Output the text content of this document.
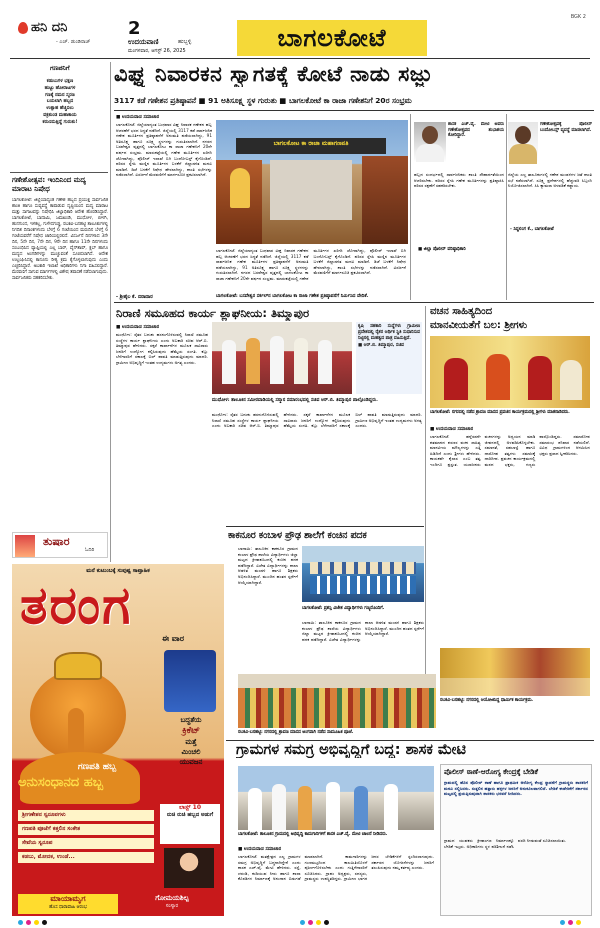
BGK 2
ಹನಿ ದನಿ
- ಎಚ್. ಡುಂಡಿರಾಜ್
2
ಉದಯವಾಣಿ	ಹುಬ್ಬಳ್ಳಿ
ಮಂಗಳವಾರ, ಆಗಸ್ಟ್ 26, 2025	ಬಾಗಲಕೋಟೆ
ಗಣಪನಿಗೆ
ಕಡುಬುಗಳ ಭಕ್ಷಣ
ಹುಟ್ಟು ಹೋರಾಟಗಳ
ಗಣಕ್ಕೆ ನಮನ ಸ್ಮರಣ
ಬಯಲಾಗಿ ಹಬ್ಬದ
ಉತ್ಸಾಹ ಹೆಚ್ಚಿಸಲು
ವಕ್ರತುಂಡ ಮಹಾಕಾಯ
ಕರುಣಿಸುತ್ತಿದ್ದೆ ಗುರುತು!
ಗಣೇಶೋತ್ಸವ: ಇಂದಿನಿಂದ ಮದ್ಯ ಮಾರಾಟ ನಿಷೇಧ
ಬಾಗಲಕೋಟೆ: ಜಿಲ್ಲೆಯಾದ್ಯಂತ ಗಣೇಶ ಹಬ್ಬದ ಪ್ರಯುಕ್ತ ಸಾರ್ವಜನಿಕ ಶಾಂತಿ ಹಾಗೂ ಸುವ್ಯವಸ್ಥೆ ಕಾಪಾಡುವ ದೃಷ್ಟಿಯಿಂದ ಮದ್ಯ ಮಾರಾಟ ಮತ್ತು ಸಾಗಾಟವನ್ನು ನಿಷೇಧಿಸಿ ಜಿಲ್ಲಾಧಿಕಾರಿ ಆದೇಶ ಹೊರಡಿಸಿದ್ದಾರೆ. ಬಾಗಲಕೋಟೆ, ಬಾದಾಮಿ, ಜಮಖಂಡಿ, ಮುಧೋಳ, ಬೀಳಗಿ, ಹುನಗುಂದ, ಇಳಕಲ್ಲ, ಗುಳೇದಗುಡ್ಡ, ರಬಕವಿ-ಬನಹಟ್ಟಿ ತಾಲೂಕುಗಳಲ್ಲಿ ನಿಗದಿತ ದಿನಾಂಕಗಳಂದು ಬೆಳಗ್ಗೆ 6 ಗಂಟೆಯಿಂದ ಮರುದಿನ ಬೆಳಗ್ಗೆ 6 ಗಂಟೆಯವರೆಗೆ ನಿಷೇಧ ಜಾರಿಯಲ್ಲಿರಲಿದೆ. ವಿಸರ್ಜನೆ ದಿನಗಳಾದ 3ನೇ ದಿನ, 5ನೇ ದಿನ, 7ನೇ ದಿನ, 9ನೇ ದಿನ ಹಾಗೂ 11ನೇ ದಿನಗಳಂದು ಸಂಬಂಧಿಸಿದ ವ್ಯಾಪ್ತಿಯಲ್ಲಿ ಎಲ್ಲ ಬಾರ್, ವೈನ್‌ಶಾಪ್, ಕ್ಲಬ್ ಹಾಗೂ ಮದ್ಯದ ಅಂಗಡಿಗಳನ್ನು ಮುಚ್ಚುವಂತೆ ಸೂಚಿಸಲಾಗಿದೆ. ಆದೇಶ ಉಲ್ಲಂಘಿಸಿದಲ್ಲಿ ಕಾನೂನು ರೀತ್ಯ ಕ್ರಮ ಕೈಗೊಳ್ಳಲಾಗುವುದು ಎಂದು ಎಚ್ಚರಿಸಿದ್ದಾರೆ. ಅಬಕಾರಿ ಇಲಾಖೆ ಅಧಿಕಾರಿಗಳು ನಿಗಾ ವಹಿಸಲಿದ್ದಾರೆ. ಮೆರವಣಿಗೆ ಸಾಗುವ ಮಾರ್ಗಗಳಲ್ಲಿ ವಿಶೇಷ ತಪಾಸಣೆ ನಡೆಸಲಾಗುವುದು. ಸಾರ್ವಜನಿಕರು ಸಹಕರಿಸಬೇಕು.
ತುಷಾರ
ಓದಿರಿ
ಮನೆ ಕುಟುಂಬಕ್ಕೆ ಸುಪುಷ್ಟ ಸಾಪ್ತಾಹಿಕ
ತರಂಗ
ಈ ವಾರ
ಬದ್ಧತೆಯ
ಕ್ರಿಕೆಟ್
ಮತ್ತೆ
ಮಿಂಚಲಿ
ಯುವಜನ
ಗಣಪತಿ ಹಬ್ಬ
ಅನುಸಂಧಾನದ ಹಬ್ಬ
ಶ್ರೀಗಣೇಶನ ಸ್ವರೂಪಗಳು
ಗಣಪತಿ ಪೂಜೆಗೆ ಕತ್ತಲಿನ ಸಂಕೇತ
ಸೇವೆಯ ಸ್ವರೂಪ
ಕಡಬು, ಮೋದಕ, ಉಂಡೆ...
ಲಾಸ್ಟ್ 10
ರುಚಿ ರುಚಿ ಹಬ್ಬದ ಅಡುಗೆ
ಮಾಯಾಮೃಗ
ಹೊಸ ಧಾರಾವಾಹಿ ಆರಂಭ
ಗೋಮಯಶಿಲ್ಪ
ಸಂಸ್ಕಾರ
ವಿಘ್ನ ನಿವಾರಕನ ಸ್ವಾಗತಕ್ಕೆ ಕೋಟೆ ನಾಡು ಸಜ್ಜು
3117 ಕಡೆ ಗಣೇಶನ ಪ್ರತಿಷ್ಠಾಪನೆ ■ 91 ಅತಿಸೂಕ್ಷ್ಮ ಸ್ಥಳ ಗುರುತು ■ ಬಾಗಲಕೋಟೆ ಕಾ ರಾಜಾ ಗಣೇಶನಿಗೆ 20ರ ಸಂಭ್ರಮ
■ ಉದಯವಾಣಿ ಸಮಾಚಾರ
ಬಾಗಲಕೋಟೆ: ಜಿಲ್ಲೆಯಾದ್ಯಂತ ಬುಧವಾರ ವಿಘ್ನ ನಿವಾರಕ ಗಣೇಶನ ಹಬ್ಬ ಆಚರಣೆಗೆ ಭರದ ಸಿದ್ಧತೆ ನಡೆದಿದೆ. ಜಿಲ್ಲೆಯಲ್ಲಿ 3117 ಕಡೆ ಸಾರ್ವಜನಿಕ ಗಣೇಶ ಮೂರ್ತಿಗಳ ಪ್ರತಿಷ್ಠಾಪನೆಗೆ ಅನುಮತಿ ಪಡೆಯಲಾಗಿದ್ದು, 91 ಅತಿಸೂಕ್ಷ್ಮ ಹಾಗೂ ಸೂಕ್ಷ್ಮ ಸ್ಥಳಗಳನ್ನು ಗುರುತಿಸಲಾಗಿದೆ. ನಗರದ ಬಸವೇಶ್ವರ ವೃತ್ತದಲ್ಲಿ ಬಾಗಲಕೋಟ ಕಾ ರಾಜಾ ಗಣೇಶನಿಗೆ 20ನೇ ವರ್ಷದ ಸಂಭ್ರಮ. ಮಾರುಕಟ್ಟೆಯಲ್ಲಿ ಗಣೇಶ ಮೂರ್ತಿಗಳ ಖರೀದಿ ಜೋರಾಗಿದ್ದು, ಪೊಲೀಸ್ ಇಲಾಖೆ ಬಿಗಿ ಬಂದೋಬಸ್ತ್ ಕೈಗೊಂಡಿದೆ. ಪರಿಸರ ಸ್ನೇಹಿ ಮಣ್ಣಿನ ಮೂರ್ತಿಗಳ ಬಳಕೆಗೆ ಜಿಲ್ಲಾಡಳಿತ ಮನವಿ ಮಾಡಿದೆ. ಡಿಜೆ ಬಳಕೆಗೆ ನಿಷೇಧ ಹೇರಲಾಗಿದ್ದು, ಶಾಂತಿ ಸಭೆಗಳನ್ನು ನಡೆಸಲಾಗಿದೆ. ವಿಸರ್ಜನೆ ಮೆರವಣಿಗೆಗೆ ಮಾರ್ಗಸೂಚಿ ಪ್ರಕಟಿಸಲಾಗಿದೆ.
ಬಾಗಲಕೋಟೆ: ಜಿಲ್ಲೆಯಾದ್ಯಂತ ಬುಧವಾರ ವಿಘ್ನ ನಿವಾರಕ ಗಣೇಶನ ಹಬ್ಬ ಆಚರಣೆಗೆ ಭರದ ಸಿದ್ಧತೆ ನಡೆದಿದೆ. ಜಿಲ್ಲೆಯಲ್ಲಿ 3117 ಕಡೆ ಸಾರ್ವಜನಿಕ ಗಣೇಶ ಮೂರ್ತಿಗಳ ಪ್ರತಿಷ್ಠಾಪನೆಗೆ ಅನುಮತಿ ಪಡೆಯಲಾಗಿದ್ದು, 91 ಅತಿಸೂಕ್ಷ್ಮ ಹಾಗೂ ಸೂಕ್ಷ್ಮ ಸ್ಥಳಗಳನ್ನು ಗುರುತಿಸಲಾಗಿದೆ. ನಗರದ ಬಸವೇಶ್ವರ ವೃತ್ತದಲ್ಲಿ ಬಾಗಲಕೋಟ ಕಾ ರಾಜಾ ಗಣೇಶನಿಗೆ 20ನೇ ವರ್ಷದ ಸಂಭ್ರಮ. ಮಾರುಕಟ್ಟೆಯಲ್ಲಿ ಗಣೇಶ ಮೂರ್ತಿಗಳ ಖರೀದಿ ಜೋರಾಗಿದ್ದು, ಪೊಲೀಸ್ ಇಲಾಖೆ ಬಿಗಿ ಬಂದೋಬಸ್ತ್ ಕೈಗೊಂಡಿದೆ. ಪರಿಸರ ಸ್ನೇಹಿ ಮಣ್ಣಿನ ಮೂರ್ತಿಗಳ ಬಳಕೆಗೆ ಜಿಲ್ಲಾಡಳಿತ ಮನವಿ ಮಾಡಿದೆ. ಡಿಜೆ ಬಳಕೆಗೆ ನಿಷೇಧ ಹೇರಲಾಗಿದ್ದು, ಶಾಂತಿ ಸಭೆಗಳನ್ನು ನಡೆಸಲಾಗಿದೆ. ವಿಸರ್ಜನೆ ಮೆರವಣಿಗೆಗೆ ಮಾರ್ಗಸೂಚಿ ಪ್ರಕಟಿಸಲಾಗಿದೆ.
ಬಾಗಲಕೋಟ ಕಾ ರಾಜಾ ಮಹಾಗಣಪತಿ
ಬಾಗಲಕೋಟೆ: ಬಸವೇಶ್ವರ ಸರ್ಕಲ್‌ನ ಬಾಗಲಕೋಟ ಕಾ ರಾಜಾ ಗಣೇಶ ಪ್ರತಿಷ್ಠಾಪನೆಗೆ ನಿರ್ಮಿಸಿದ ವೇದಿಕೆ.
- ಶ್ರೀಶೈಲ ಕೆ. ಬಿರಾದಾರ
ಶಾಸಕ ಎಚ್.ವೈ. ಮೇಟಿ ಅವರು ಗಣೇಶೋತ್ಸವದ ಶುಭಾಶಯ ಕೋರಿದ್ದಾರೆ.
ಹಬ್ಬದ ಸಂದರ್ಭದಲ್ಲಿ ಸಾರ್ವಜನಿಕರು ಶಾಂತಿ ಸೌಹಾರ್ದತೆಯಿಂದ ಆಚರಿಸಬೇಕು. ಪರಿಸರ ಸ್ನೇಹಿ ಗಣೇಶ ಮೂರ್ತಿಗಳನ್ನು ಪ್ರತಿಷ್ಠಾಪಿಸಿ ಪರಿಸರ ರಕ್ಷಣೆಗೆ ಸಹಕರಿಸಬೇಕು.
■ ಜಿಲ್ಲಾ ಪೊಲೀಸ್ ವರಿಷ್ಠಾಧಿಕಾರಿ
ಗಣೇಶೋತ್ಸವಕ್ಕೆ ಪೊಲೀಸ್ ಬಂದೋಬಸ್ತ್ ವ್ಯವಸ್ಥೆ ಮಾಡಲಾಗಿದೆ.
ಜಿಲ್ಲೆಯ ಎಲ್ಲ ತಾಲೂಕುಗಳಲ್ಲಿ ಗಣೇಶ ಮಂಡಳಿಗಳ ಜತೆ ಶಾಂತಿ ಸಭೆ ನಡೆಸಲಾಗಿದೆ. ಸೂಕ್ಷ್ಮ ಪ್ರದೇಶಗಳಲ್ಲಿ ಹೆಚ್ಚುವರಿ ಸಿಬ್ಬಂದಿ ನಿಯೋಜಿಸಲಾಗಿದೆ. ಸಿಸಿ ಕ್ಯಾಮರಾ ಅಳವಡಿಕೆ ಕಡ್ಡಾಯ.
- ಸಿದ್ದಲಿಂಗ ಕೆ., ಬಾಗಲಕೋಟೆ
ನಿರಾಣಿ ಸಮೂಹದ ಕಾರ್ಯ ಶ್ಲಾಘನೀಯ: ತಿಮ್ಮಾಪುರ
■ ಉದಯವಾಣಿ ಸಮಾಚಾರ
ಮುಧೋಳ: ರೈತರ ಬದುಕು ಹಸನುಗೊಳಿಸುವಲ್ಲಿ ನಿರಾಣಿ ಸಮೂಹ ಸಂಸ್ಥೆಗಳ ಕಾರ್ಯ ಶ್ಲಾಘನೀಯ ಎಂದು ಅಬಕಾರಿ ಸಚಿವ ಆರ್.ಬಿ. ತಿಮ್ಮಾಪುರ ಹೇಳಿದರು. ಸಕ್ಕರೆ ಕಾರ್ಖಾನೆಗಳ ಮೂಲಕ ಸಾವಿರಾರು ಜನರಿಗೆ ಉದ್ಯೋಗ ಕಲ್ಪಿಸಿರುವುದು ಹೆಮ್ಮೆಯ ಸಂಗತಿ. ಕಬ್ಬು ಬೆಳೆಗಾರರಿಗೆ ಸಕಾಲಕ್ಕೆ ಬಿಲ್ ಪಾವತಿ ಮಾಡುತ್ತಿರುವುದು ಮಾದರಿ. ಗ್ರಾಮೀಣ ಅಭಿವೃದ್ಧಿಗೆ ಇಂತಹ ಉದ್ಯಮಗಳು ಅಗತ್ಯ ಎಂದರು.
ಕೃಷಿ ಸಹಕಾರಿ ಸಂಸ್ಥೆಗಳು ಗ್ರಾಮೀಣ ಪ್ರದೇಶದಲ್ಲಿ ರೈತರ ಆರ್ಥಿಕ ಸ್ಥಿತಿ ಸುಧಾರಿಸುವ ನಿಟ್ಟಿನಲ್ಲಿ ಮಹತ್ವದ ಪಾತ್ರ ವಹಿಸುತ್ತಿವೆ.
■ ಆರ್.ಬಿ. ತಿಮ್ಮಾಪುರ, ಸಚಿವ
ಮುಧೋಳ: ತಾಲೂಕಿನ ಸಮೀರವಾಡಿಯಲ್ಲಿ ಸನ್ಮಾನ ಸಮಾರಂಭದಲ್ಲಿ ಸಚಿವ ಆರ್.ಬಿ. ತಿಮ್ಮಾಪುರ ಪಾಲ್ಗೊಂಡಿದ್ದರು.
ಮುಧೋಳ: ರೈತರ ಬದುಕು ಹಸನುಗೊಳಿಸುವಲ್ಲಿ ನಿರಾಣಿ ಸಮೂಹ ಸಂಸ್ಥೆಗಳ ಕಾರ್ಯ ಶ್ಲಾಘನೀಯ ಎಂದು ಅಬಕಾರಿ ಸಚಿವ ಆರ್.ಬಿ. ತಿಮ್ಮಾಪುರ ಹೇಳಿದರು. ಸಕ್ಕರೆ ಕಾರ್ಖಾನೆಗಳ ಮೂಲಕ ಸಾವಿರಾರು ಜನರಿಗೆ ಉದ್ಯೋಗ ಕಲ್ಪಿಸಿರುವುದು ಹೆಮ್ಮೆಯ ಸಂಗತಿ. ಕಬ್ಬು ಬೆಳೆಗಾರರಿಗೆ ಸಕಾಲಕ್ಕೆ ಬಿಲ್ ಪಾವತಿ ಮಾಡುತ್ತಿರುವುದು ಮಾದರಿ. ಗ್ರಾಮೀಣ ಅಭಿವೃದ್ಧಿಗೆ ಇಂತಹ ಉದ್ಯಮಗಳು ಅಗತ್ಯ ಎಂದರು.
ವಚನ ಸಾಹಿತ್ಯದಿಂದ
ಮಾನವೀಯತೆಗೆ ಬಲ: ಶ್ರೀಗಳು
ಬಾಗಲಕೋಟೆ: ನಗರದಲ್ಲಿ ನಡೆದ ಶ್ರಾವಣ ಮಾಸದ ಪ್ರವಚನ ಕಾರ್ಯಕ್ರಮದಲ್ಲಿ ಶ್ರೀಗಳು ಮಾತನಾಡಿದರು.
■ ಉದಯವಾಣಿ ಸಮಾಚಾರ
ಬಾಗಲಕೋಟೆ: ಹನ್ನೆರಡನೇ ಶತಮಾನದ ಶರಣರ ವಚನ ಸಾಹಿತ್ಯ ಮಾನವೀಯ ಮೌಲ್ಯಗಳನ್ನು ಎತ್ತಿ ಹಿಡಿದಿದೆ ಎಂದು ಶ್ರೀಗಳು ಹೇಳಿದರು. ಕಾಯಕವೇ ಕೈಲಾಸ ಎಂಬ ತತ್ವ ಇಂದಿಗೂ ಪ್ರಸ್ತುತ. ಯುವಜನರು ವಚನಗಳನ್ನು ಅಧ್ಯಯನ ಮಾಡಿ ಜೀವನದಲ್ಲಿ ಅಳವಡಿಸಿಕೊಳ್ಳಬೇಕು. ಸಮಾನತೆ, ಸಹಬಾಳ್ವೆ ಹಾಗೂ ದಾಸೋಹ ತತ್ವಗಳು ಸಮಾಜಕ್ಕೆ ದಾರಿದೀಪ. ಪ್ರವಚನ ಕಾರ್ಯಕ್ರಮದಲ್ಲಿ ಮಠದ ಭಕ್ತರು, ಗಣ್ಯರು ಪಾಲ್ಗೊಂಡಿದ್ದರು. ಸಮಾರೋಪ ಸಮಾರಂಭ ಶನಿವಾರ ನಡೆಯಲಿದೆ. ವಿವಿಧ ಗ್ರಾಮಗಳಿಂದ ಆಗಮಿಸಿದ ಭಕ್ತರು ಪ್ರಸಾದ ಸ್ವೀಕರಿಸಿದರು.
ರಬಕವಿ-ಬನಹಟ್ಟಿ: ನಗರದಲ್ಲಿ ಆಯೋಜಿಸಿದ್ದ ಧಾರ್ಮಿಕ ಕಾರ್ಯಕ್ರಮ.
ಕಾಕನೂರ ಕಂಬಾಳ ಪ್ರೌಢ ಶಾಲೆಗೆ ಕಂಚಿನ ಪದಕ
ಬಾದಾಮಿ: ತಾಲೂಕಿನ ಕಾಕನೂರ ಗ್ರಾಮದ ಕಂಬಾಳ ಪ್ರೌಢ ಶಾಲೆಯ ವಿದ್ಯಾರ್ಥಿಗಳು ಜಿಲ್ಲಾ ಮಟ್ಟದ ಕ್ರೀಡಾಕೂಟದಲ್ಲಿ ಕಂಚಿನ ಪದಕ ಪಡೆದಿದ್ದಾರೆ. ವಿಜೇತ ವಿದ್ಯಾರ್ಥಿಗಳನ್ನು ಶಾಲಾ ಆಡಳಿತ ಮಂಡಳಿ ಹಾಗೂ ಶಿಕ್ಷಕರು ಅಭಿನಂದಿಸಿದ್ದಾರೆ. ಮುಂದಿನ ಹಂತದ ಸ್ಪರ್ಧೆಗೆ ಆಯ್ಕೆಯಾಗಿದ್ದಾರೆ.
ಬಾಗಲಕೋಟೆ: ಪ್ರಶಸ್ತಿ ವಿಜೇತ ವಿದ್ಯಾರ್ಥಿಗಳು ಗಣ್ಯರೊಂದಿಗೆ.
ಬಾದಾಮಿ: ತಾಲೂಕಿನ ಕಾಕನೂರ ಗ್ರಾಮದ ಕಂಬಾಳ ಪ್ರೌಢ ಶಾಲೆಯ ವಿದ್ಯಾರ್ಥಿಗಳು ಜಿಲ್ಲಾ ಮಟ್ಟದ ಕ್ರೀಡಾಕೂಟದಲ್ಲಿ ಕಂಚಿನ ಪದಕ ಪಡೆದಿದ್ದಾರೆ. ವಿಜೇತ ವಿದ್ಯಾರ್ಥಿಗಳನ್ನು ಶಾಲಾ ಆಡಳಿತ ಮಂಡಳಿ ಹಾಗೂ ಶಿಕ್ಷಕರು ಅಭಿನಂದಿಸಿದ್ದಾರೆ. ಮುಂದಿನ ಹಂತದ ಸ್ಪರ್ಧೆಗೆ ಆಯ್ಕೆಯಾಗಿದ್ದಾರೆ.
ರಬಕವಿ-ಬನಹಟ್ಟಿ: ನಗರದಲ್ಲಿ ಶ್ರಾವಣ ಮಾಸದ ಅಂಗವಾಗಿ ನಡೆದ ಸಾಮೂಹಿಕ ಪೂಜೆ.
ಗ್ರಾಮಗಳ ಸಮಗ್ರ ಅಭಿವೃದ್ಧಿಗೆ ಬದ್ಧ: ಶಾಸಕ ಮೇಟಿ
ಬಾಗಲಕೋಟೆ: ತಾಲೂಕಿನ ಗ್ರಾಮದಲ್ಲಿ ಅಭಿವೃದ್ಧಿ ಕಾಮಗಾರಿಗಳಿಗೆ ಶಾಸಕ ಎಚ್.ವೈ. ಮೇಟಿ ಚಾಲನೆ ನೀಡಿದರು.
■ ಉದಯವಾಣಿ ಸಮಾಚಾರ
ಬಾಗಲಕೋಟೆ: ಮತಕ್ಷೇತ್ರದ ಎಲ್ಲ ಗ್ರಾಮಗಳ ಸಮಗ್ರ ಅಭಿವೃದ್ಧಿಗೆ ಬದ್ಧನಾಗಿದ್ದೇನೆ ಎಂದು ಶಾಸಕ ಎಚ್.ವೈ. ಮೇಟಿ ಹೇಳಿದರು. ರಸ್ತೆ, ಚರಂಡಿ, ಕುಡಿಯುವ ನೀರು ಹಾಗೂ ಶಾಲಾ ಕೊಠಡಿಗಳ ನಿರ್ಮಾಣಕ್ಕೆ ಅನುದಾನ ಬಿಡುಗಡೆ ಮಾಡಲಾಗಿದೆ. ಕಾಮಗಾರಿಗಳನ್ನು ಗುಣಮಟ್ಟದಿಂದ ಕಾಲಮಿತಿಯೊಳಗೆ ಪೂರ್ಣಗೊಳಿಸಬೇಕು ಎಂದು ಗುತ್ತಿಗೆದಾರರಿಗೆ ಸೂಚಿಸಿದರು. ಗ್ರಾಪಂ ಅಧ್ಯಕ್ಷರು, ಸದಸ್ಯರು, ಗ್ರಾಮಸ್ಥರು ಉಪಸ್ಥಿತರಿದ್ದರು. ಗ್ರಾಮೀಣ ಭಾಗದ ಜನರ ಬೇಡಿಕೆಗಳಿಗೆ ಸ್ಪಂದಿಸಲಾಗುವುದು. ಸರ್ಕಾರದ ಯೋಜನೆಗಳನ್ನು ಜನರಿಗೆ ತಲುಪಿಸುವುದು ನಮ್ಮ ಕರ್ತವ್ಯ ಎಂದರು.
ಪೊಲೀಸ್ ಠಾಣೆ-ಆರೋಗ್ಯ ಕೇಂದ್ರಕ್ಕೆ ಬೇಡಿಕೆ
ಗ್ರಾಮದಲ್ಲಿ ಹೊಸ ಪೊಲೀಸ್ ಠಾಣೆ ಹಾಗೂ ಪ್ರಾಥಮಿಕ ಆರೋಗ್ಯ ಕೇಂದ್ರ ಸ್ಥಾಪನೆಗೆ ಗ್ರಾಮಸ್ಥರು ಶಾಸಕರಿಗೆ ಮನವಿ ಸಲ್ಲಿಸಿದರು. ಸುತ್ತಲಿನ ಹತ್ತಾರು ಹಳ್ಳಿಗಳ ಜನರಿಗೆ ಅನುಕೂಲವಾಗಲಿದೆ. ಬೇಡಿಕೆ ಈಡೇರಿಕೆಗೆ ಸರ್ಕಾರದ ಮಟ್ಟದಲ್ಲಿ ಪ್ರಯತ್ನಿಸುವುದಾಗಿ ಶಾಸಕರು ಭರವಸೆ ನೀಡಿದರು.
ಗ್ರಾಮದ ಯುವಕರು ಕ್ರೀಡಾಂಗಣ ನಿರ್ಮಾಣಕ್ಕೂ ಬೇಡಿಕೆ ಇಟ್ಟರು. ಅಧಿಕಾರಿಗಳು ಸ್ಥಳ ಪರಿಶೀಲನೆ ನಡೆಸಿ ವರದಿ ನೀಡುವಂತೆ ಸೂಚಿಸಲಾಯಿತು.
